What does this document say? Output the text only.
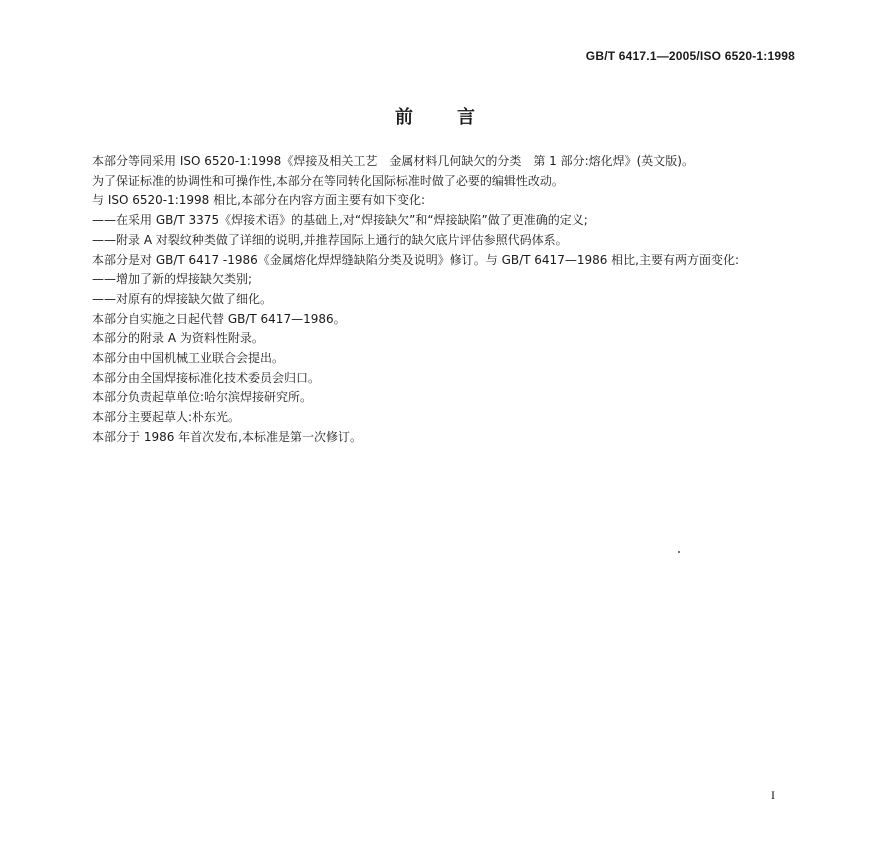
GB/T 6417.1—2005/ISO 6520-1:1998
前言

本部分等同采用 ISO 6520-1:1998《焊接及相关工艺　金属材料几何缺欠的分类　第 1 部分:熔化焊》(英文版)。

为了保证标准的协调性和可操作性,本部分在等同转化国际标准时做了必要的编辑性改动。

与 ISO 6520-1:1998 相比,本部分在内容方面主要有如下变化:

——在采用 GB/T 3375《焊接术语》的基础上,对“焊接缺欠”和“焊接缺陷”做了更准确的定义;

——附录 A 对裂纹种类做了详细的说明,并推荐国际上通行的缺欠底片评估参照代码体系。

本部分是对 GB/T 6417 -1986《金属熔化焊焊缝缺陷分类及说明》修订。与 GB/T 6417—1986 相比,主要有两方面变化:

——增加了新的焊接缺欠类别;

——对原有的焊接缺欠做了细化。

本部分自实施之日起代替 GB/T 6417—1986。

本部分的附录 A 为资料性附录。

本部分由中国机械工业联合会提出。

本部分由全国焊接标准化技术委员会归口。

本部分负责起草单位:哈尔滨焊接研究所。

本部分主要起草人:朴东光。

本部分于 1986 年首次发布,本标准是第一次修订。

I
